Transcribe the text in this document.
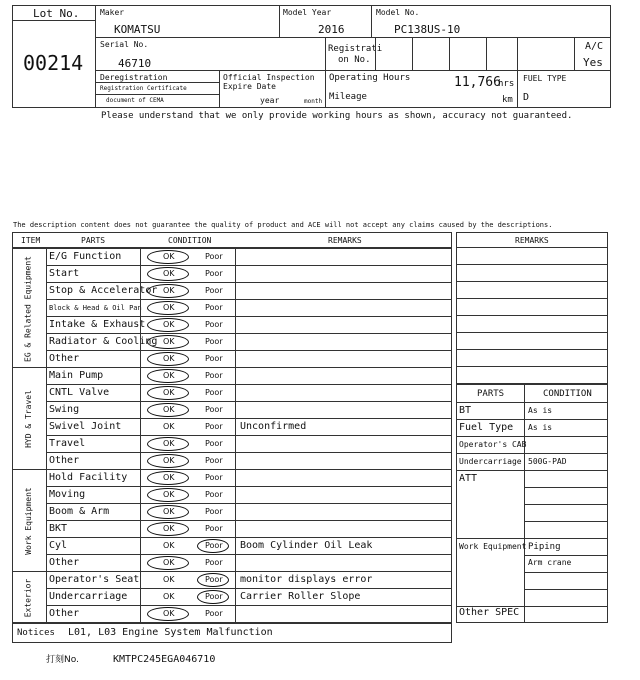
Lot No.
00214
Maker
KOMATSU
Model Year
2016
Model No.
PC138US-10
Serial No.
46710
Registrati
on No.
A/C
Yes
Deregistration
Registration Certificate
document of CEMA
Official Inspection
Expire Date
year	month
Operating Hours	11,766
hrs
Mileage	km
FUEL TYPE
D
Please understand that we only provide working hours as shown, accuracy not guaranteed.
The description content does not guarantee the quality of product and ACE will not accept any claims caused by the descriptions.
ITEM	PARTS	CONDITION	REMARKS
EG & Related Equipment	E/G Function	OK	Poor
Start	OK	Poor
Stop & Accelerator OK	Poor
Block & Head & Oil Pan	OK	Poor
Intake & Exhaust OK	Poor
Radiator & Cooling OK	Poor
Other	OK	Poor
HYD & Travel
Main Pump	OK	Poor
CNTL Valve	OK	Poor
Swing	OK	Poor
Swivel Joint	OK	Poor Unconfirmed
Travel	OK	Poor
Other	OK	Poor
Work Equipment
Hold Facility	OK	Poor
Moving	OK	Poor
Boom & Arm	OK	Poor
BKT	OK	Poor
Cyl	OK	Poor Boom Cylinder Oil Leak
Other	OK	Poor
Exterior	Operator's Seat	OK	Poor monitor displays error
Undercarriage	OK	Poor Carrier Roller Slope
Other	OK	Poor
Notices L01, L03 Engine System Malfunction
REMARKS
PARTS	CONDITION
BT	As is
Fuel Type As is
Operator's CAB
Undercarriage 500G-PAD
ATT
Work Equipment Piping
Arm crane
Other SPEC
打刻No.	KMTPC245EGA046710
